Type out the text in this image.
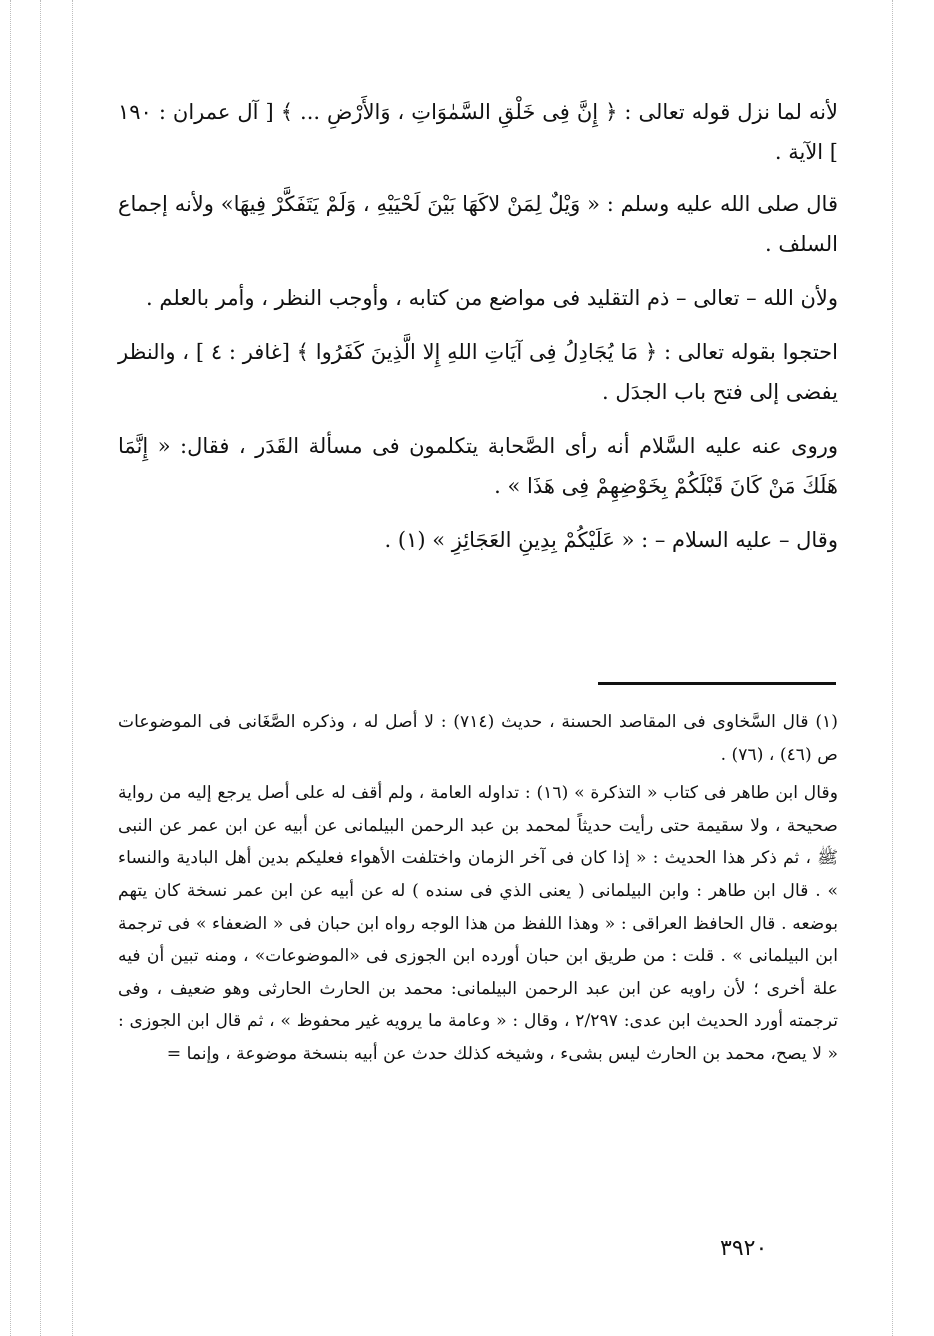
لأنه لما نزل قوله تعالى : ﴿ إِنَّ فِى خَلْقِ السَّمٰوَاتِ ، وَالأَرْضِ ... ﴾ [ آل عمران : ١٩٠ ] الآية .

قال صلى الله عليه وسلم : « وَيْلٌ لِمَنْ لاكَهَا بَيْنَ لَحْيَيْهِ ، وَلَمْ يَتَفَكَّرْ فِيهَا» ولأنه إجماع السلف .

ولأن الله – تعالى – ذم التقليد فى مواضع من كتابه ، وأوجب النظر ، وأمر بالعلم .

احتجوا بقوله تعالى : ﴿ مَا يُجَادِلُ فِى آيَاتِ اللهِ إِلا الَّذِينَ كَفَرُوا ﴾ [غافر : ٤ ] ، والنظر يفضى إلى فتح باب الجدَل .

وروى عنه عليه السَّلام أنه رأى الصَّحابة يتكلمون فى مسألة القَدَر ، فقال: « إِنَّمَا هَلَكَ مَنْ كَانَ قَبْلَكُمْ بِخَوْضِهِمْ فِى هَذَا » .

وقال – عليه السلام – : « عَلَيْكُمْ بِدِينِ العَجَائِزِ » (١) .

(١) قال السَّخاوى فى المقاصد الحسنة ، حديث (٧١٤) : لا أصل له ، وذكره الصَّغَانى فى الموضوعات ص (٤٦) ، (٧٦) .

وقال ابن طاهر فى كتاب « التذكرة » (١٦) : تداوله العامة ، ولم أقف له على أصل يرجع إليه من رواية صحيحة ، ولا سقيمة حتى رأيت حديثاً لمحمد بن عبد الرحمن البيلمانى عن أبيه عن ابن عمر عن النبى ﷺ ، ثم ذكر هذا الحديث : « إذا كان فى آخر الزمان واختلفت الأهواء فعليكم بدين أهل البادية والنساء » . قال ابن طاهر : وابن البيلمانى ( يعنى الذي فى سنده ) له عن أبيه عن ابن عمر نسخة كان يتهم بوضعه . قال الحافظ العراقى : « وهذا اللفظ من هذا الوجه رواه ابن حبان فى « الضعفاء » فى ترجمة ابن البيلمانى » . قلت : من طريق ابن حبان أورده ابن الجوزى فى «الموضوعات» ، ومنه تبين أن فيه علة أخرى ؛ لأن راويه عن ابن عبد الرحمن البيلمانى: محمد بن الحارث الحارثى وهو ضعيف ، وفى ترجمته أورد الحديث ابن عدى: ٢/٢٩٧ ، وقال : « وعامة ما يرويه غير محفوظ » ، ثم قال ابن الجوزى : « لا يصح، محمد بن الحارث ليس بشىء ، وشيخه كذلك حدث عن أبيه بنسخة موضوعة ، وإنما =

٣٩٢٠
